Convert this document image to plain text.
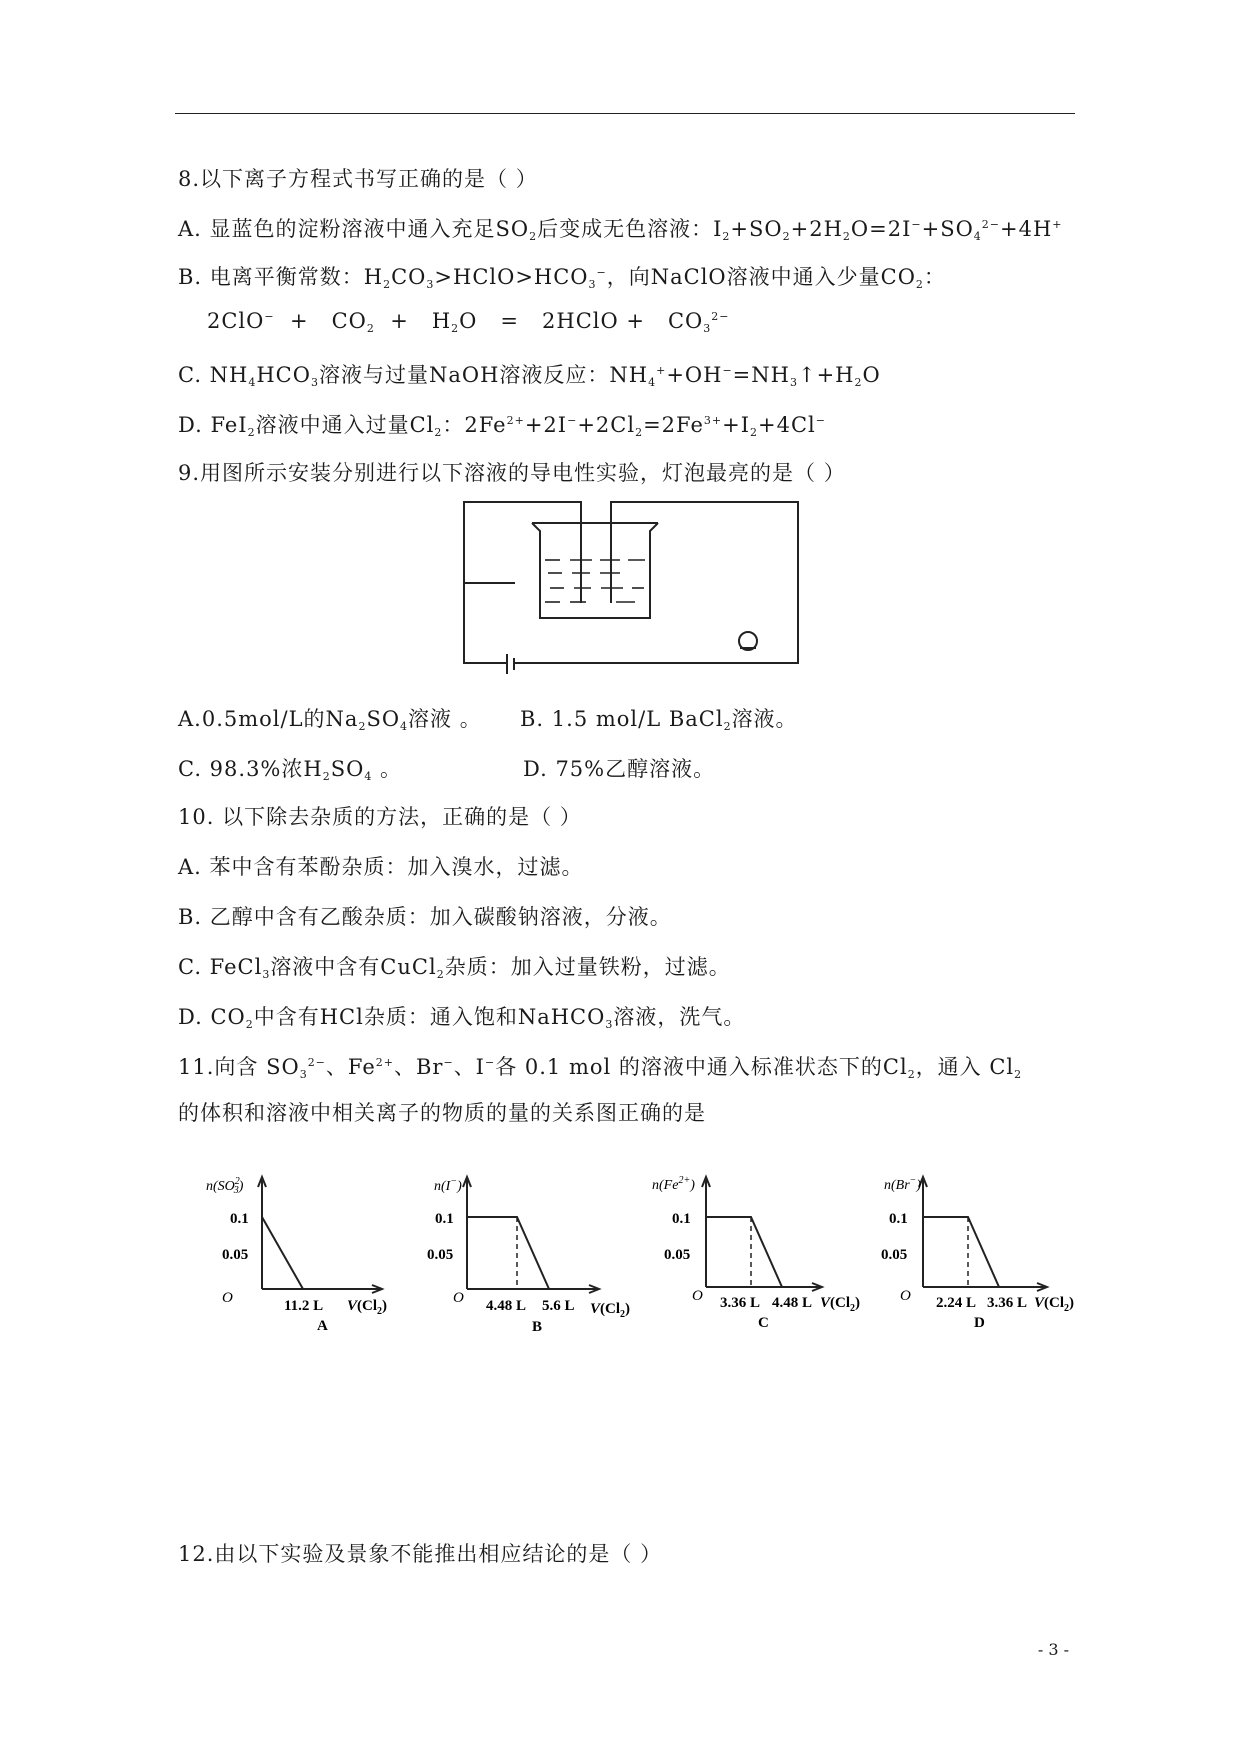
8.以下离子方程式书写正确的是（ ）
A. 显蓝色的淀粉溶液中通入充足$SO_2$后变成无色溶液：$I_2+SO_2+2H_2O=2I^-+SO_4^{2-}+4H^+$
B. 电离平衡常数：$H_2CO_3>HClO>HCO_3^-$，向NaClO溶液中通入少量$CO_2$：
$2ClO^- + CO_2 + H_2O$   =   2HClO +   $CO_3^{2-}$
C. $NH_4HCO_3$溶液与过量NaOH溶液反应：$NH_4^++OH^-=NH_3↑+H_2O$
D. FeI$_2$溶液中通入过量$Cl_2$：$2Fe^{2+}+2I^-+2Cl_2=2Fe^{3+}+I_2+4Cl^-$
9.用图所示安装分别进行以下溶液的导电性实验，灯泡最亮的是（ ）
A.0.5mol/L的$Na_2SO_4$溶液 。 B. 1.5 mol/L BaCl$_2$溶液。
C. 98.3%浓$H_2SO_4$ 。	D. 75%乙醇溶液。
10. 以下除去杂质的方法，正确的是（ ）
A. 苯中含有苯酚杂质：加入溴水，过滤。
B. 乙醇中含有乙酸杂质：加入碳酸钠溶液，分液。
C. FeCl$_3$溶液中含有CuCl$_2$杂质：加入过量铁粉，过滤。
D. $CO_2$中含有HCl杂质：通入饱和NaHCO$_3$溶液，洗气。
11.向含 $SO_3^{2-}$、$Fe^{2+}$、Br−、I−各 0.1 mol 的溶液中通入标准状态下的$Cl_2$，通入 $Cl_2$
的体积和溶液中相关离子的物质的量的关系图正确的是
$n(SO^2$ 3)
0.1
0.05
O	11.2 L $V(Cl_2)$
A
n(I−)
0.1
0.05
O 4.48 L 5.6 L $V(Cl_2)$
B
$n(Fe^{2+})$
0.1
0.05
O 3.36 L 4.48 L $V(Cl_2)$
C
n(Br−)
0.1
0.05
O 2.24 L 3.36 L $V(Cl_2)$
D
12.由以下实验及景象不能推出相应结论的是（ ）
- 3 -
